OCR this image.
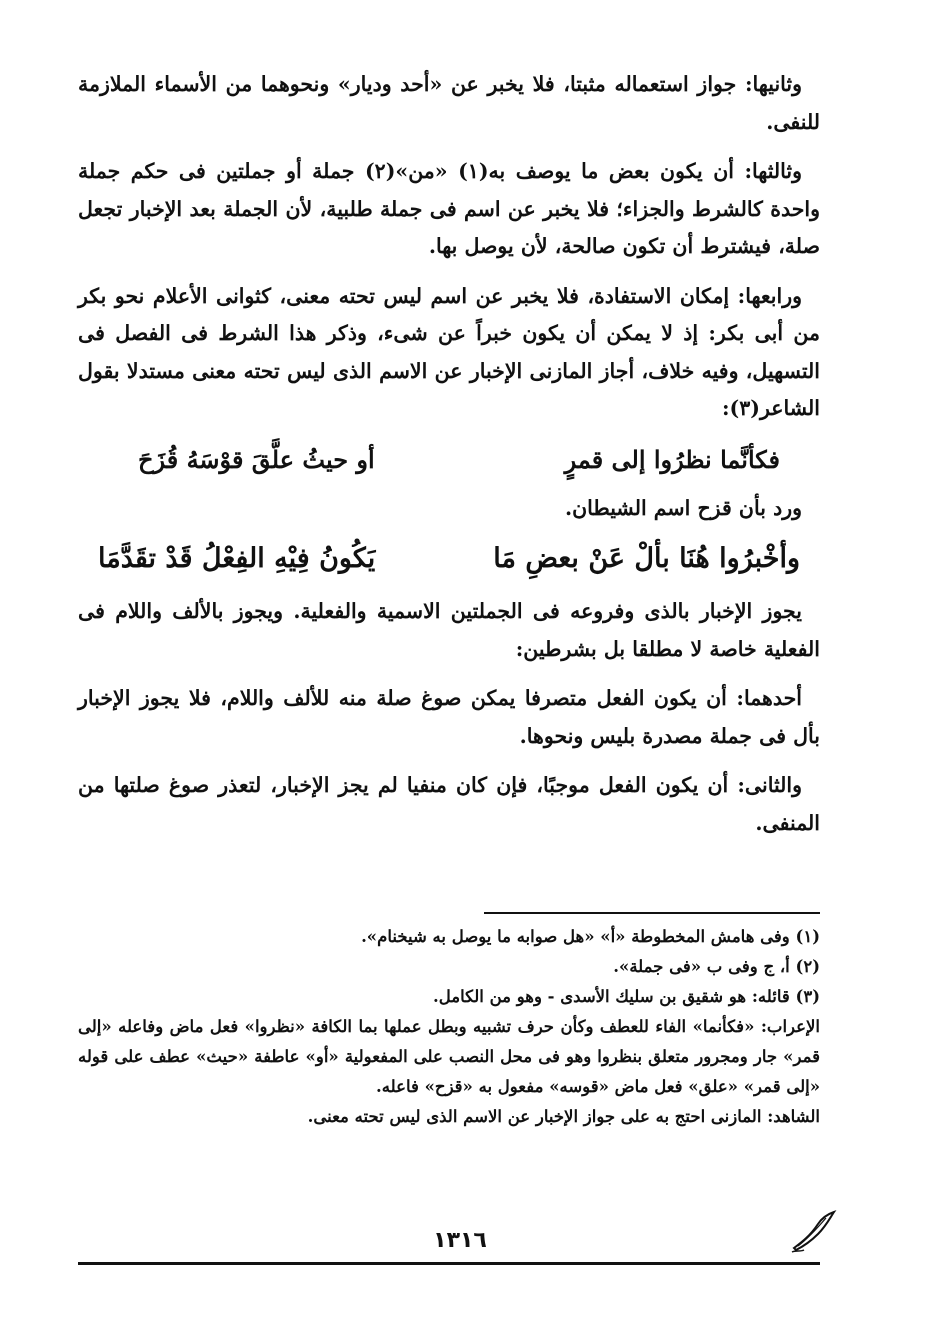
وثانيها: جواز استعماله مثبتا، فلا يخبر عن «أحد وديار» ونحوهما من الأسماء الملازمة للنفى.

وثالثها: أن يكون بعض ما يوصف به(١) «من»(٢) جملة أو جملتين فى حكم جملة واحدة كالشرط والجزاء؛ فلا يخبر عن اسم فى جملة طلبية، لأن الجملة بعد الإخبار تجعل صلة، فيشترط أن تكون صالحة، لأن يوصل بها.

ورابعها: إمكان الاستفادة، فلا يخبر عن اسم ليس تحته معنى، كثوانى الأعلام نحو بكر من أبى بكر: إذ لا يمكن أن يكون خبراً عن شىء، وذكر هذا الشرط فى الفصل فى التسهيل، وفيه خلاف، أجاز المازنى الإخبار عن الاسم الذى ليس تحته معنى مستدلا بقول الشاعر(٣):

فكأنَّما نظرُوا إلى قمرٍ
أو حيثُ علَّقَ قوْسَهُ قُزَحَ

ورد بأن قزح اسم الشيطان.

وأخْبرُوا هُنَا بألْ عَنْ بعضِ مَا
يَكُونُ فِيْهِ الفِعْلُ قَدْ تقَدَّمَا

يجوز الإخبار بالذى وفروعه فى الجملتين الاسمية والفعلية. ويجوز بالألف واللام فى الفعلية خاصة لا مطلقا بل بشرطين:

أحدهما: أن يكون الفعل متصرفا يمكن صوغ صلة منه للألف واللام، فلا يجوز الإخبار بأل فى جملة مصدرة بليس ونحوها.

والثانى: أن يكون الفعل موجبًا، فإن كان منفيا لم يجز الإخبار، لتعذر صوغ صلتها من المنفى.

(١) وفى هامش المخطوطة «أ» «هل صوابه ما يوصل به شيخنام».

(٢) أ، ج وفى ب «فى جملة».

(٣) قائله: هو شقيق بن سليك الأسدى - وهو من الكامل.

الإعراب: «فكأنما» الفاء للعطف وكأن حرف تشبيه وبطل عملها بما الكافة «نظروا» فعل ماض وفاعله «إلى قمر» جار ومجرور متعلق بنظروا وهو فى محل النصب على المفعولية «أو» عاطفة «حيث» عطف على قوله «إلى قمر» «علق» فعل ماض «قوسه» مفعول به «قزح» فاعله.

الشاهد: المازنى احتج به على جواز الإخبار عن الاسم الذى ليس تحته معنى.

١٣١٦
